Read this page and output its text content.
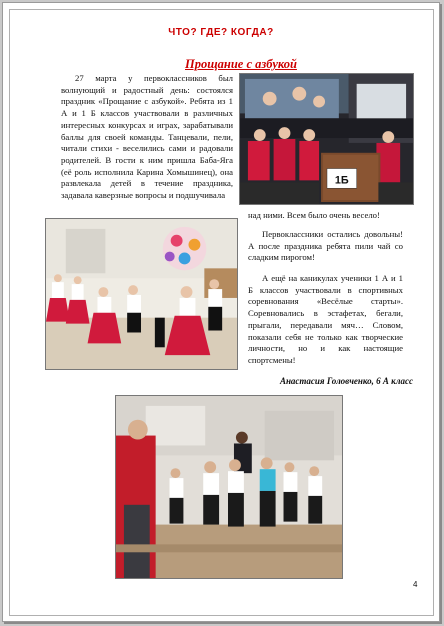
ЧТО? ГДЕ? КОГДА?
Прощание с азбукой
27 марта у первоклассников был волнующий и радостный день: состоялся праздник «Прощание с азбукой». Ребята из 1 А и 1 Б классов участвовали в различных интересных конкурсах и играх, зарабатывали баллы для своей команды. Танцевали, пели, читали стихи - веселились сами и радовали родителей. В гости к ним пришла Баба-Яга (её роль исполнила Карина Хомышинец), она развлекала детей в течение праздника, задавала каверзные вопросы и подшучивала
1Б
над ними. Всем было очень весело!
Первоклассники остались довольны! А после праздника ребята пили чай со сладким пирогом!
А ещё на каникулах ученики 1 А и 1 Б классов участвовали в спортивных соревнования «Весёлые старты». Соревновались в эстафетах, бегали, прыгали, передавали мяч… Словом, показали себя не только как творческие личности, но и как настоящие спортсмены!
Анастасия Головченко, 6 А класс
4
